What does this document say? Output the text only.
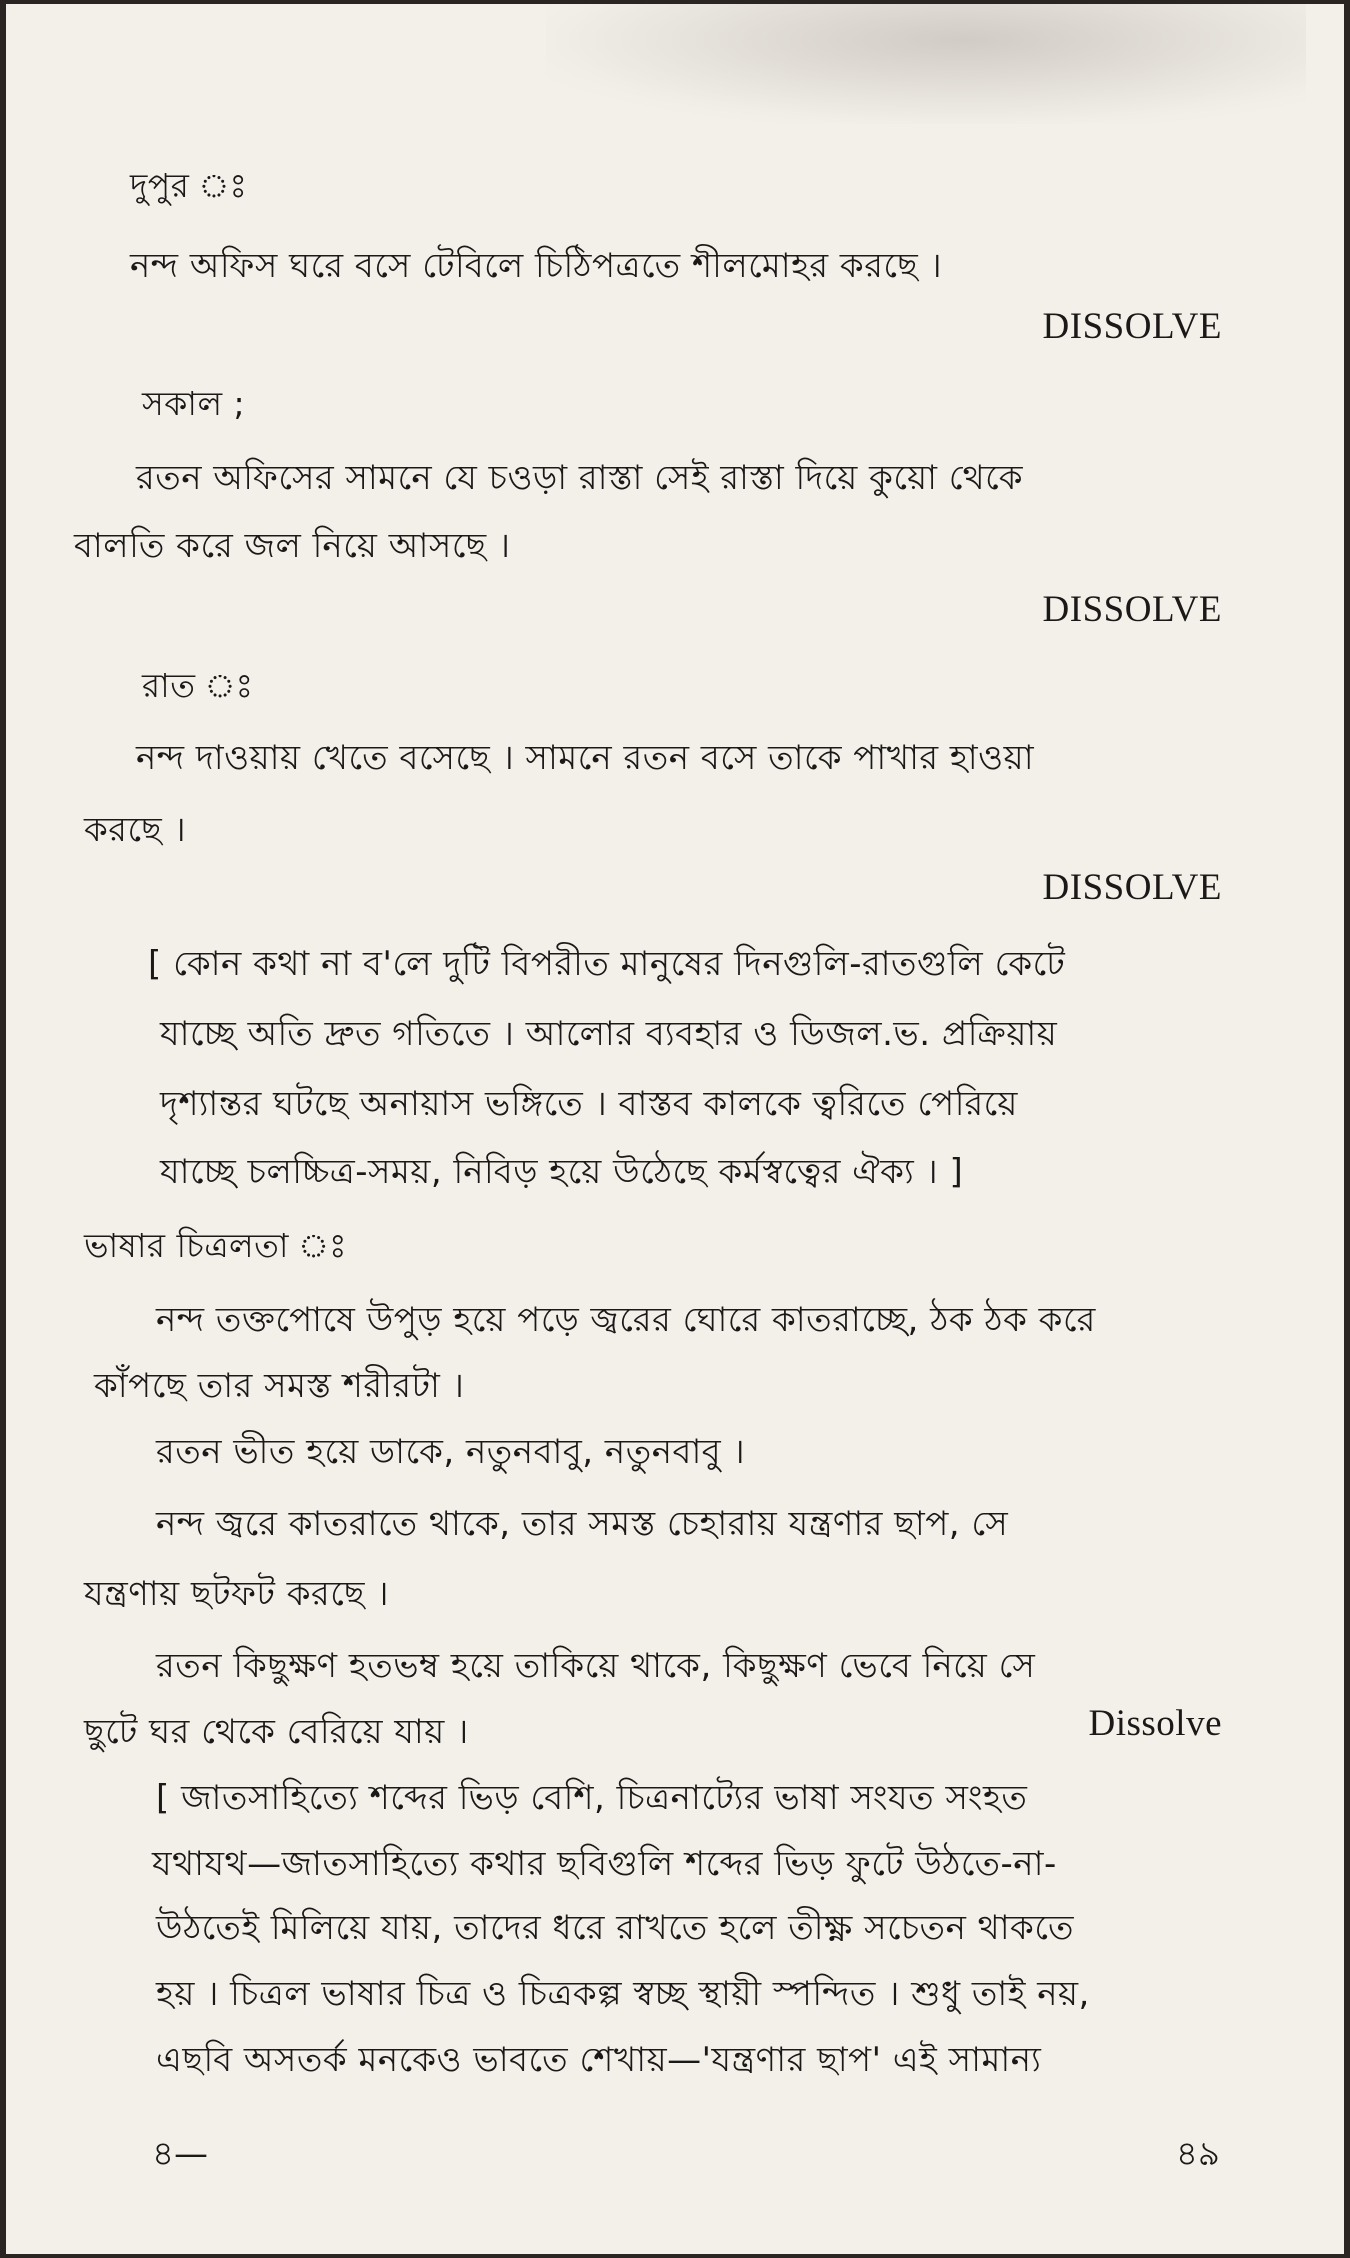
দুপুর ঃ

নন্দ অফিস ঘরে বসে টেবিলে চিঠিপত্রতে শীলমোহর করছে ।

DISSOLVE

সকাল ;

রতন অফিসের সামনে যে চওড়া রাস্তা সেই রাস্তা দিয়ে কুয়ো থেকে

বালতি করে জল নিয়ে আসছে ।

DISSOLVE

রাত ঃ

নন্দ দাওয়ায় খেতে বসেছে । সামনে রতন বসে তাকে পাখার হাওয়া

করছে ।

DISSOLVE

[ কোন কথা না ব'লে দুটি বিপরীত মানুষের দিনগুলি-রাতগুলি কেটে

যাচ্ছে অতি দ্রুত গতিতে । আলোর ব্যবহার ও ডিজল.ভ. প্রক্রিয়ায়

দৃশ্যান্তর ঘটছে অনায়াস ভঙ্গিতে । বাস্তব কালকে ত্বরিতে পেরিয়ে

যাচ্ছে চলচ্চিত্র-সময়, নিবিড় হয়ে উঠেছে কর্মস্বত্বের ঐক্য । ]

ভাষার চিত্রলতা ঃ

নন্দ তক্তপোষে উপুড় হয়ে পড়ে জ্বরের ঘোরে কাতরাচ্ছে, ঠক ঠক করে

কাঁপছে তার সমস্ত শরীরটা ।

রতন ভীত হয়ে ডাকে, নতুনবাবু, নতুনবাবু ।

নন্দ জ্বরে কাতরাতে থাকে, তার সমস্ত চেহারায় যন্ত্রণার ছাপ, সে

যন্ত্রণায় ছটফট করছে ।

রতন কিছুক্ষণ হতভম্ব হয়ে তাকিয়ে থাকে, কিছুক্ষণ ভেবে নিয়ে সে

ছুটে ঘর থেকে বেরিয়ে যায় ।	Dissolve

[ জাতসাহিত্যে শব্দের ভিড় বেশি, চিত্রনাট্যের ভাষা সংযত সংহত

যথাযথ—জাতসাহিত্যে কথার ছবিগুলি শব্দের ভিড় ফুটে উঠতে-না-

উঠতেই মিলিয়ে যায়, তাদের ধরে রাখতে হলে তীক্ষ্ণ সচেতন থাকতে

হয় । চিত্রল ভাষার চিত্র ও চিত্রকল্প স্বচ্ছ স্থায়ী স্পন্দিত । শুধু তাই নয়,

এছবি অসতর্ক মনকেও ভাবতে শেখায়—'যন্ত্রণার ছাপ' এই সামান্য

৪—	৪৯
